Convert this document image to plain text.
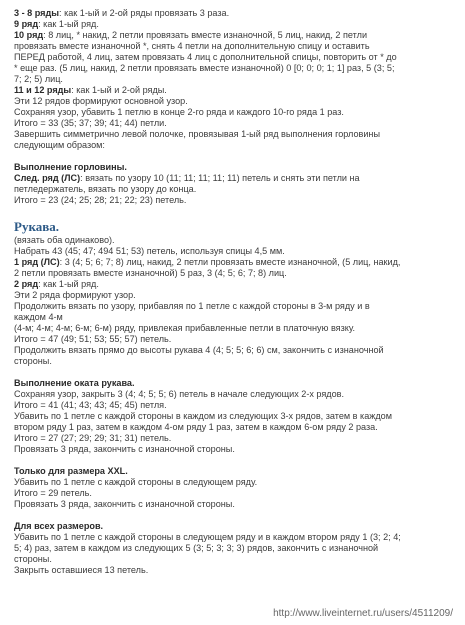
3 - 8 ряды: как 1-ый и 2-ой ряды провязать 3 раза.

9 ряд: как 1-ый ряд.

10 ряд: 8 лиц, * накид, 2 петли провязать вместе изнаночной, 5 лиц, накид, 2 петли

провязать вместе изнаночной *, снять 4 петли на дополнительную спицу и оставить

ПЕРЕД работой, 4 лиц, затем провязать 4 лиц с дополнительной спицы, повторить от * до

* еще раз. (5 лиц, накид, 2 петли провязать вместе изнаночной) 0 [0; 0; 0; 1; 1] раз, 5 (3; 5;

7; 2; 5) лиц.

11 и 12 ряды: как 1-ый и 2-ой ряды.

Эти 12 рядов формируют основной узор.

Сохраняя узор, убавить 1 петлю в конце 2-го ряда и каждого 10-го ряда 1 раз.

Итого = 33 (35; 37; 39; 41; 44) петли.

Завершить симметрично левой полочке, провязывая 1-ый ряд выполнения горловины

следующим образом:

Выполнение горловины.

След. ряд (ЛС): вязать по узору 10 (11; 11; 11; 11; 11) петель и снять эти петли на

петледержатель, вязать по узору до конца.

Итого = 23 (24; 25; 28; 21; 22; 23) петель.

Рукава.

(вязать оба одинаково).

Набрать 43 (45; 47; 494 51; 53) петель, используя спицы 4,5 мм.

1 ряд (ЛС): 3 (4; 5; 6; 7; 8) лиц, накид, 2 петли провязать вместе изнаночной, (5 лиц, накид,

2 петли провязать вместе изнаночной) 5 раз, 3 (4; 5; 6; 7; 8) лиц.

2 ряд: как 1-ый ряд.

Эти 2 ряда формируют узор.

Продолжить вязать по узору, прибавляя по 1 петле с каждой стороны в 3-м ряду и в

каждом 4-м

(4-м; 4-м; 4-м; 6-м; 6-м) ряду, привлекая прибавленные петли в платочную вязку.

Итого = 47 (49; 51; 53; 55; 57) петель.

Продолжить вязать прямо до высоты рукава 4 (4; 5; 5; 6; 6) см, закончить с изнаночной

стороны.

Выполнение оката рукава.

Сохраняя узор, закрыть 3 (4; 4; 5; 5; 6) петель в начале следующих 2-х рядов.

Итого = 41 (41; 43; 43; 45; 45) петля.

Убавить по 1 петле с каждой стороны в каждом из следующих 3-х рядов, затем в каждом

втором ряду 1 раз, затем в каждом 4-ом ряду 1 раз, затем в каждом 6-ом ряду 2 раза.

Итого = 27 (27; 29; 29; 31; 31) петель.

Провязать 3 ряда, закончить с изнаночной стороны.

Только для размера XXL.

Убавить по 1 петле с каждой стороны в следующем ряду.

Итого = 29 петель.

Провязать 3 ряда, закончить с изнаночной стороны.

Для всех размеров.

Убавить по 1 петле с каждой стороны в следующем ряду и в каждом втором ряду 1 (3; 2; 4;

5; 4) раз, затем в каждом из следующих 5 (3; 5; 3; 3; 3) рядов, закончить с изнаночной

стороны.

Закрыть оставшиеся 13 петель.

http://www.liveinternet.ru/users/4511209/
